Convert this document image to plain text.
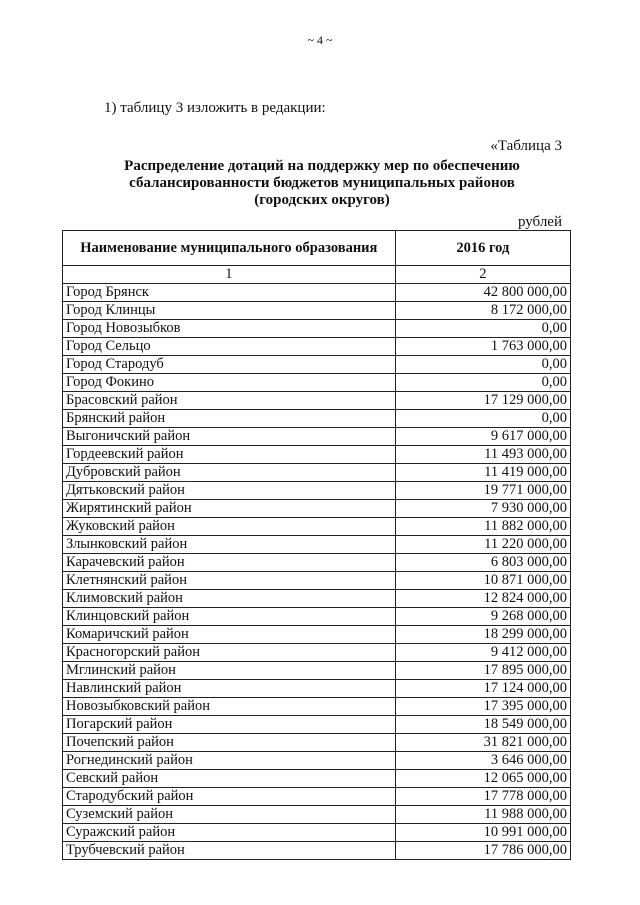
~ 4 ~
1) таблицу 3 изложить в редакции:
«Таблица 3
Распределение дотаций на поддержку мер по обеспечению
сбалансированности бюджетов муниципальных районов
(городских округов)
рублей
Наименование муниципального образования	2016 год
1	2
Город Брянск	42 800 000,00
Город Клинцы	8 172 000,00
Город Новозыбков	0,00
Город Сельцо	1 763 000,00
Город Стародуб	0,00
Город Фокино	0,00
Брасовский район	17 129 000,00
Брянский район	0,00
Выгоничский район	9 617 000,00
Гордеевский район	11 493 000,00
Дубровский район	11 419 000,00
Дятьковский район	19 771 000,00
Жирятинский район	7 930 000,00
Жуковский район	11 882 000,00
Злынковский район	11 220 000,00
Карачевский район	6 803 000,00
Клетнянский район	10 871 000,00
Климовский район	12 824 000,00
Клинцовский район	9 268 000,00
Комаричский район	18 299 000,00
Красногорский район	9 412 000,00
Мглинский район	17 895 000,00
Навлинский район	17 124 000,00
Новозыбковский район	17 395 000,00
Погарский район	18 549 000,00
Почепский район	31 821 000,00
Рогнединский район	3 646 000,00
Севский район	12 065 000,00
Стародубский район	17 778 000,00
Суземский район	11 988 000,00
Суражский район	10 991 000,00
Трубчевский район	17 786 000,00
